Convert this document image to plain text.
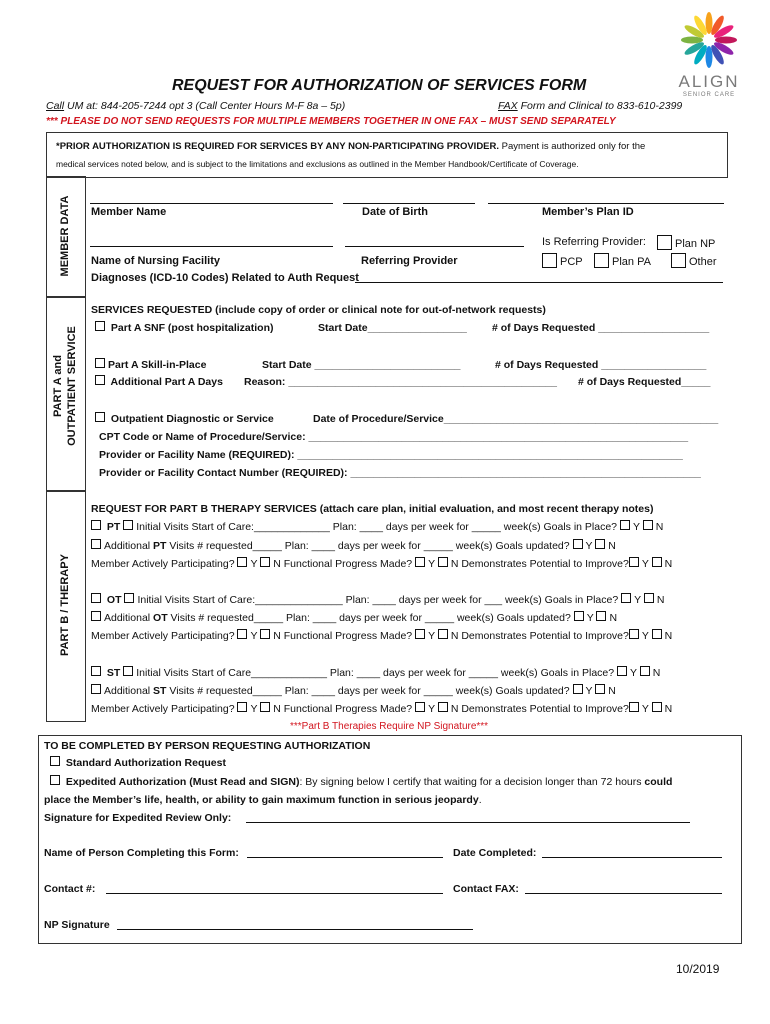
ALIGN
SENIOR CARE
REQUEST FOR AUTHORIZATION OF SERVICES FORM
Call UM at: 844-205-7244 opt 3 (Call Center Hours M-F 8a – 5p)	FAX Form and Clinical to 833-610-2399
*** PLEASE DO NOT SEND REQUESTS FOR MULTIPLE MEMBERS TOGETHER IN ONE FAX – MUST SEND SEPARATELY
*PRIOR AUTHORIZATION IS REQUIRED FOR SERVICES BY ANY NON-PARTICIPATING PROVIDER. Payment is authorized only for the
medical services noted below, and is subject to the limitations and exclusions as outlined in the Member Handbook/Certificate of Coverage.
MEMBER DATA
PART A and OUTPATIENT SERVICE
PART B / THERAPY
Member Name	Date of Birth	Member’s Plan ID
Name of Nursing Facility	Referring Provider
Is Referring Provider:	Plan NP
PCP	Plan PA	Other
Diagnoses (ICD-10 Codes) Related to Auth Request
SERVICES REQUESTED (include copy of order or clinical note for out-of-network requests)
Part A SNF (post hospitalization)	Start Date_________________ # of Days Requested ___________________
Part A Skill-in-Place	Start Date _________________________	# of Days Requested __________________
Additional Part A Days Reason: ______________________________________________ # of Days Requested_____
Outpatient Diagnostic or Service	Date of Procedure/Service_______________________________________________
CPT Code or Name of Procedure/Service: _________________________________________________________________
Provider or Facility Name (REQUIRED): __________________________________________________________________
Provider or Facility Contact Number (REQUIRED): ____________________________________________________________
REQUEST FOR PART B THERAPY SERVICES (attach care plan, initial evaluation, and most recent therapy notes)
PT Initial Visits Start of Care:_____________ Plan: ____ days per week for _____ week(s) Goals in Place? Y N
Additional PT Visits # requested_____ Plan: ____ days per week for _____ week(s) Goals updated? Y N
Member Actively Participating? Y N Functional Progress Made? Y N Demonstrates Potential to Improve? Y N
OT Initial Visits Start of Care:_______________ Plan: ____ days per week for ___ week(s) Goals in Place? Y N
Additional OT Visits # requested_____ Plan: ____ days per week for _____ week(s) Goals updated? Y N
Member Actively Participating? Y N Functional Progress Made? Y N Demonstrates Potential to Improve? Y N
ST Initial Visits Start of Care_____________ Plan: ____ days per week for _____ week(s) Goals in Place? Y N
Additional ST Visits # requested_____ Plan: ____ days per week for _____ week(s) Goals updated? Y N
Member Actively Participating? Y N Functional Progress Made? Y N Demonstrates Potential to Improve? Y N
***Part B Therapies Require NP Signature***
TO BE COMPLETED BY PERSON REQUESTING AUTHORIZATION
Standard Authorization Request
Expedited Authorization (Must Read and SIGN): By signing below I certify that waiting for a decision longer than 72 hours could
place the Member’s life, health, or ability to gain maximum function in serious jeopardy.
Signature for Expedited Review Only:
Name of Person Completing this Form:	Date Completed:
Contact #:	Contact FAX:
NP Signature
10/2019
